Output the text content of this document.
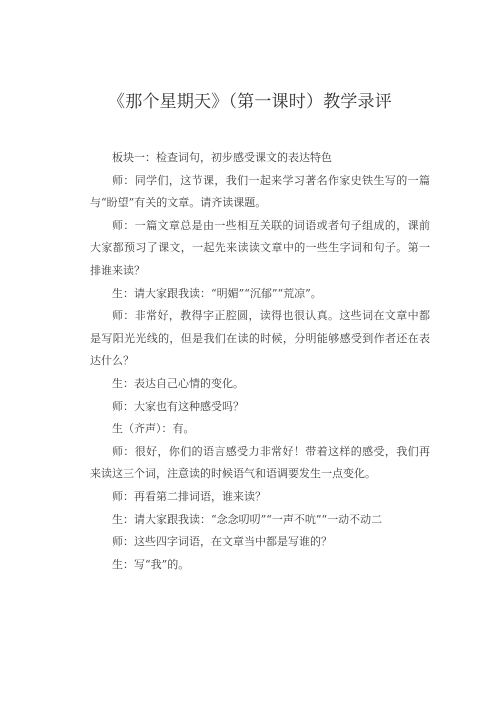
《那个星期天》（第一课时）教学录评

板块一：检查词句，初步感受课文的表达特色

师：同学们，这节课，我们一起来学习著名作家史铁生写的一篇与“盼望”有关的文章。请齐读课题。

师：一篇文章总是由一些相互关联的词语或者句子组成的，课前大家都预习了课文，一起先来读读文章中的一些生字词和句子。第一排谁来读？

生：请大家跟我读：“明媚”“沉郁”“荒凉”。

师：非常好，教得字正腔圆，读得也很认真。这些词在文章中都是写阳光光线的，但是我们在读的时候，分明能够感受到作者还在表达什么？

生：表达自己心情的变化。

师：大家也有这种感受吗？

生（齐声）：有。

师：很好，你们的语言感受力非常好！带着这样的感受，我们再来读这三个词，注意读的时候语气和语调要发生一点变化。

师：再看第二排词语，谁来读？

生：请大家跟我读：“念念叨叨”“一声不吭”“一动不动二

师：这些四字词语，在文章当中都是写谁的？

生：写“我”的。
